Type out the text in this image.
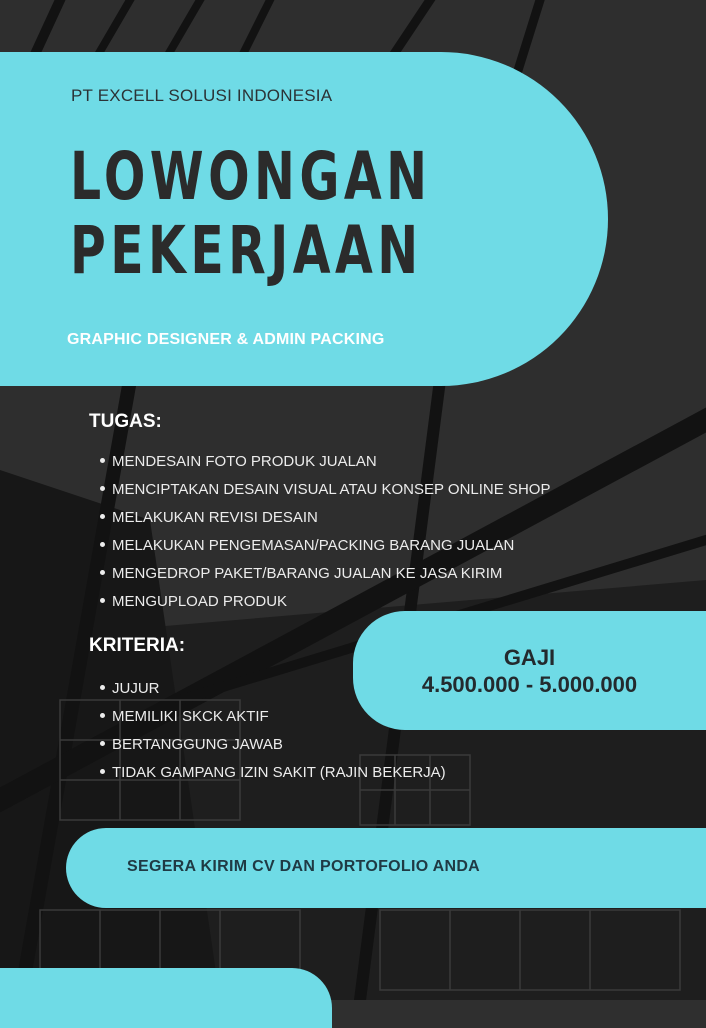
PT EXCELL SOLUSI INDONESIA
LOWONGAN
PEKERJAAN
GRAPHIC DESIGNER & ADMIN PACKING
TUGAS:
MENDESAIN FOTO PRODUK JUALAN
MENCIPTAKAN DESAIN VISUAL ATAU KONSEP ONLINE SHOP
MELAKUKAN REVISI DESAIN
MELAKUKAN PENGEMASAN/PACKING BARANG JUALAN
MENGEDROP PAKET/BARANG JUALAN KE JASA KIRIM
MENGUPLOAD PRODUK
KRITERIA:
JUJUR
MEMILIKI SKCK AKTIF
BERTANGGUNG JAWAB
TIDAK GAMPANG IZIN SAKIT (RAJIN BEKERJA)
GAJI
4.500.000 - 5.000.000
SEGERA KIRIM CV DAN PORTOFOLIO ANDA
